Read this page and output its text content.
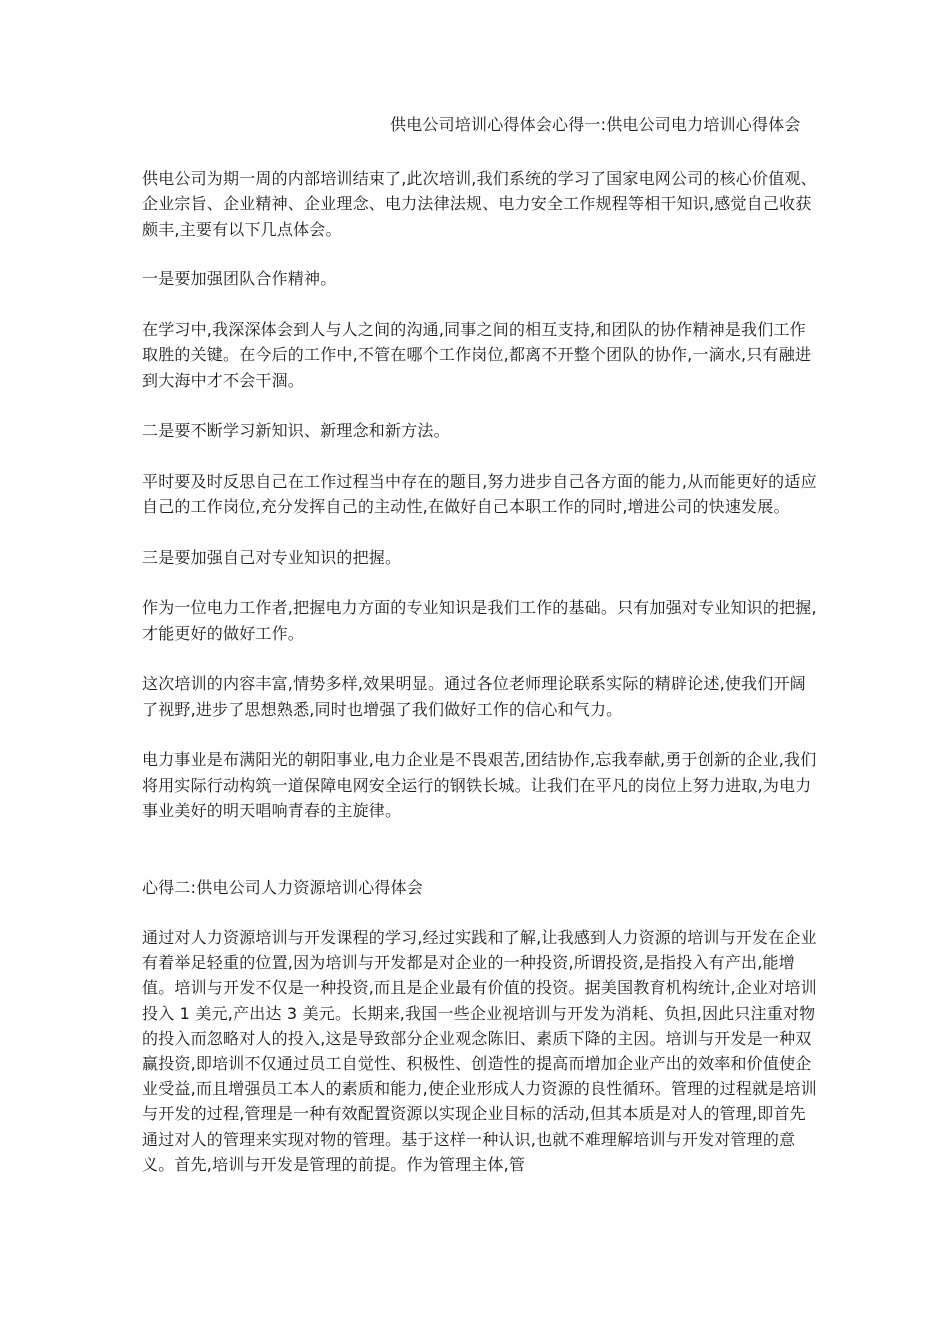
供电公司培训心得体会心得一:供电公司电力培训心得体会

供电公司为期一周的内部培训结束了,此次培训,我们系统的学习了国家电网公司的核心价值观、企业宗旨、企业精神、企业理念、电力法律法规、电力安全工作规程等相干知识,感觉自己收获颇丰,主要有以下几点体会。

一是要加强团队合作精神。

在学习中,我深深体会到人与人之间的沟通,同事之间的相互支持,和团队的协作精神是我们工作取胜的关键。在今后的工作中,不管在哪个工作岗位,都离不开整个团队的协作,一滴水,只有融进到大海中才不会干涸。

二是要不断学习新知识、新理念和新方法。

平时要及时反思自己在工作过程当中存在的题目,努力进步自己各方面的能力,从而能更好的适应自己的工作岗位,充分发挥自己的主动性,在做好自己本职工作的同时,增进公司的快速发展。

三是要加强自己对专业知识的把握。

作为一位电力工作者,把握电力方面的专业知识是我们工作的基础。只有加强对专业知识的把握,才能更好的做好工作。

这次培训的内容丰富,情势多样,效果明显。通过各位老师理论联系实际的精辟论述,使我们开阔了视野,进步了思想熟悉,同时也增强了我们做好工作的信心和气力。

电力事业是布满阳光的朝阳事业,电力企业是不畏艰苦,团结协作,忘我奉献,勇于创新的企业,我们将用实际行动构筑一道保障电网安全运行的钢铁长城。让我们在平凡的岗位上努力进取,为电力事业美好的明天唱响青春的主旋律。

心得二:供电公司人力资源培训心得体会

通过对人力资源培训与开发课程的学习,经过实践和了解,让我感到人力资源的培训与开发在企业有着举足轻重的位置,因为培训与开发都是对企业的一种投资,所谓投资,是指投入有产出,能增值。培训与开发不仅是一种投资,而且是企业最有价值的投资。据美国教育机构统计,企业对培训投入 1 美元,产出达 3 美元。长期来,我国一些企业视培训与开发为消耗、负担,因此只注重对物的投入而忽略对人的投入,这是导致部分企业观念陈旧、素质下降的主因。培训与开发是一种双赢投资,即培训不仅通过员工自觉性、积极性、创造性的提高而增加企业产出的效率和价值使企业受益,而且增强员工本人的素质和能力,使企业形成人力资源的良性循环。管理的过程就是培训与开发的过程,管理是一种有效配置资源以实现企业目标的活动,但其本质是对人的管理,即首先通过对人的管理来实现对物的管理。基于这样一种认识,也就不难理解培训与开发对管理的意义。首先,培训与开发是管理的前提。作为管理主体,管
